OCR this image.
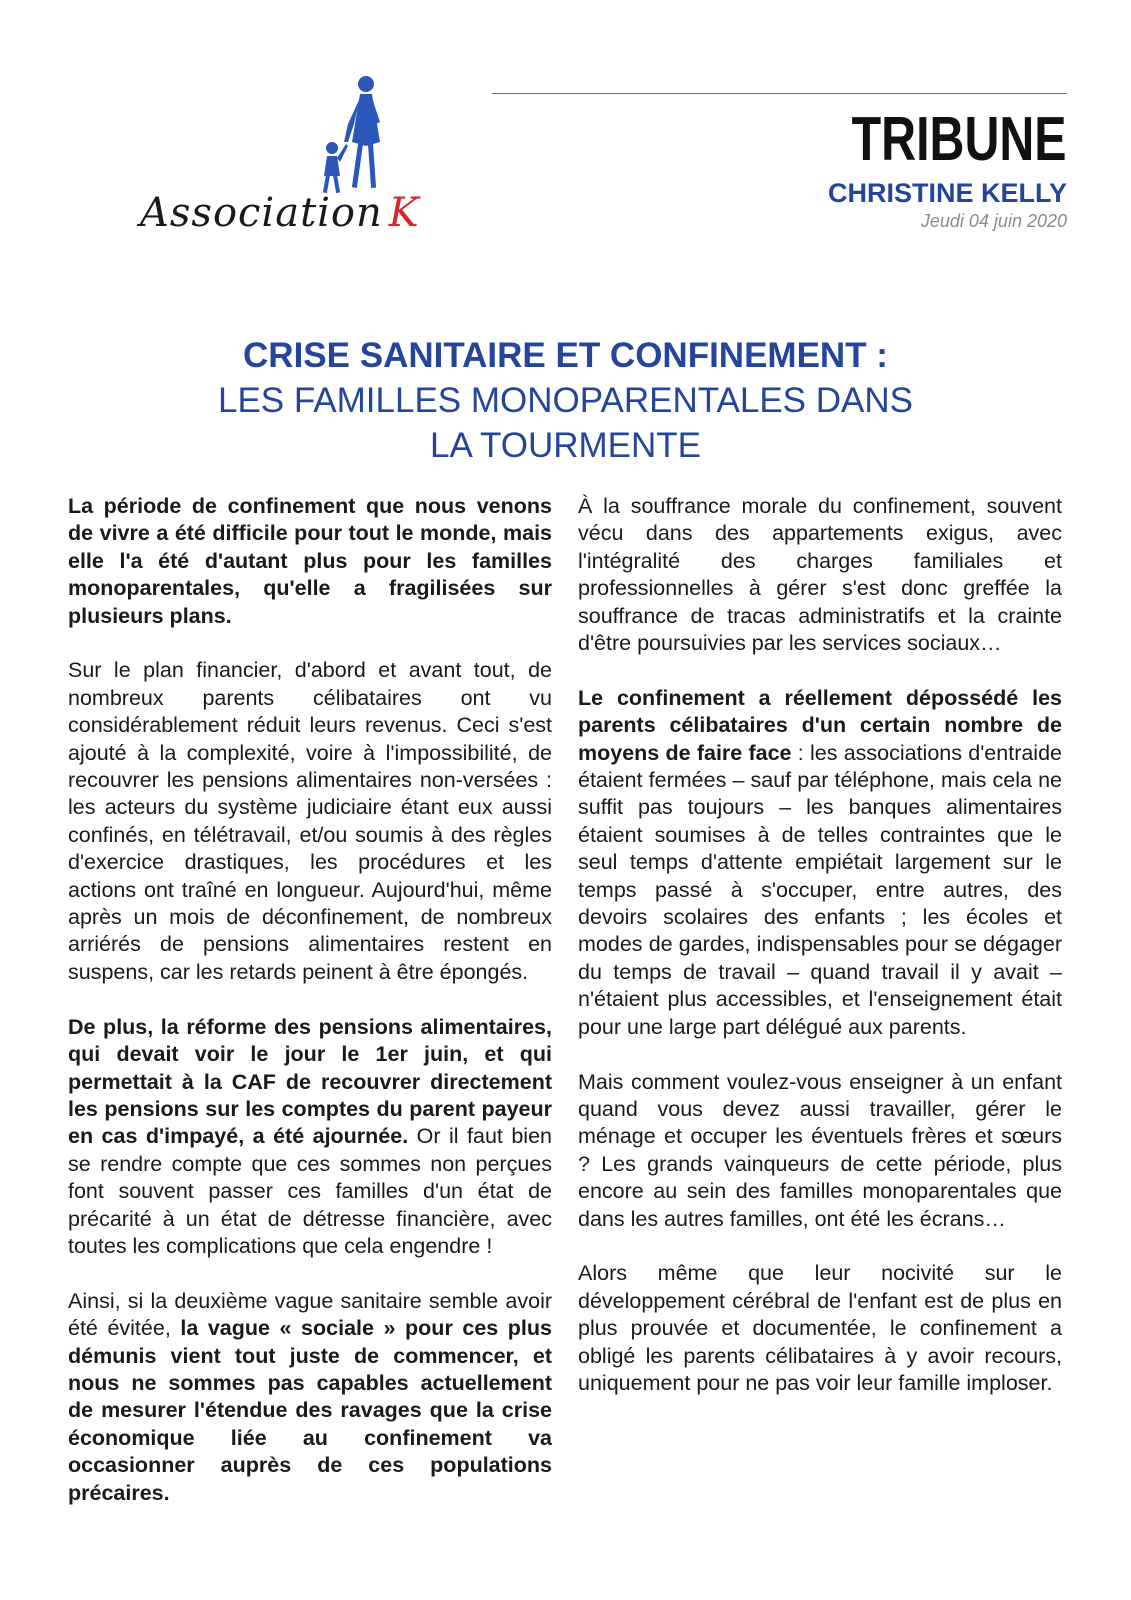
Association K
TRIBUNE
CHRISTINE KELLY
Jeudi 04 juin 2020
CRISE SANITAIRE ET CONFINEMENT :
LES FAMILLES MONOPARENTALES DANS
LA TOURMENTE

La période de confinement que nous venons de vivre a été difficile pour tout le monde, mais elle l'a été d'autant plus pour les familles monoparentales, qu'elle a fragilisées sur plusieurs plans.

Sur le plan financier, d'abord et avant tout, de nombreux parents célibataires ont vu considérablement réduit leurs revenus. Ceci s'est ajouté à la complexité, voire à l'impossibilité, de recouvrer les pensions alimentaires non-versées : les acteurs du système judiciaire étant eux aussi confinés, en télétravail, et/ou soumis à des règles d'exercice drastiques, les procédures et les actions ont traîné en longueur. Aujourd'hui, même après un mois de déconfinement, de nombreux arriérés de pensions alimentaires restent en suspens, car les retards peinent à être épongés.

De plus, la réforme des pensions alimentaires, qui devait voir le jour le 1er juin, et qui permettait à la CAF de recouvrer directement les pensions sur les comptes du parent payeur en cas d'impayé, a été ajournée. Or il faut bien se rendre compte que ces sommes non perçues font souvent passer ces familles d'un état de précarité à un état de détresse financière, avec toutes les complications que cela engendre !

Ainsi, si la deuxième vague sanitaire semble avoir été évitée, la vague « sociale » pour ces plus démunis vient tout juste de commencer, et nous ne sommes pas capables actuellement de mesurer l'étendue des ravages que la crise économique liée au confinement va occasionner auprès de ces populations précaires.

À la souffrance morale du confinement, souvent vécu dans des appartements exigus, avec l'intégralité des charges familiales et professionnelles à gérer s'est donc greffée la souffrance de tracas administratifs et la crainte d'être poursuivies par les services sociaux…

Le confinement a réellement dépossédé les parents célibataires d'un certain nombre de moyens de faire face : les associations d'entraide étaient fermées – sauf par téléphone, mais cela ne suffit pas toujours – les banques alimentaires étaient soumises à de telles contraintes que le seul temps d'attente empiétait largement sur le temps passé à s'occuper, entre autres, des devoirs scolaires des enfants ; les écoles et modes de gardes, indispensables pour se dégager du temps de travail – quand travail il y avait – n'étaient plus accessibles, et l'enseignement était pour une large part délégué aux parents.

Mais comment voulez-vous enseigner à un enfant quand vous devez aussi travailler, gérer le ménage et occuper les éventuels frères et sœurs ? Les grands vainqueurs de cette période, plus encore au sein des familles monoparentales que dans les autres familles, ont été les écrans…

Alors même que leur nocivité sur le développement cérébral de l'enfant est de plus en plus prouvée et documentée, le confinement a obligé les parents célibataires à y avoir recours, uniquement pour ne pas voir leur famille imploser.
